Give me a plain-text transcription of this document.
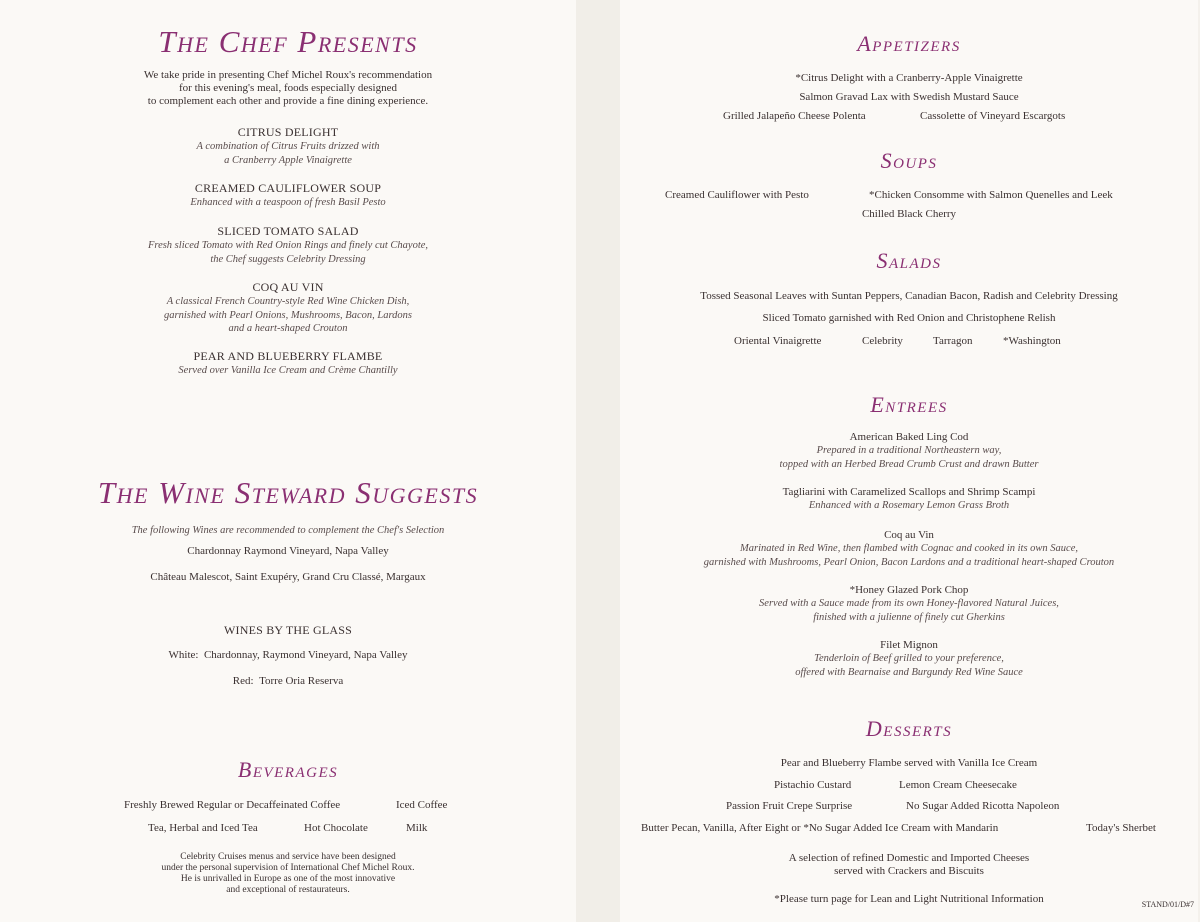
The Chef Presents
We take pride in presenting Chef Michel Roux's recommendation
for this evening's meal, foods especially designed
to complement each other and provide a fine dining experience.
CITRUS DELIGHT
A combination of Citrus Fruits drizzed with
a Cranberry Apple Vinaigrette
CREAMED CAULIFLOWER SOUP
Enhanced with a teaspoon of fresh Basil Pesto
SLICED TOMATO SALAD
Fresh sliced Tomato with Red Onion Rings and finely cut Chayote,
the Chef suggests Celebrity Dressing
COQ AU VIN
A classical French Country-style Red Wine Chicken Dish,
garnished with Pearl Onions, Mushrooms, Bacon, Lardons
and a heart-shaped Crouton
PEAR AND BLUEBERRY FLAMBE
Served over Vanilla Ice Cream and Crème Chantilly
The Wine Steward Suggests
The following Wines are recommended to complement the Chef's Selection
Chardonnay Raymond Vineyard, Napa Valley
Château Malescot, Saint Exupéry, Grand Cru Classé, Margaux
WINES BY THE GLASS
White: Chardonnay, Raymond Vineyard, Napa Valley
Red: Torre Oria Reserva
Beverages
Freshly Brewed Regular or Decaffeinated Coffee	Iced Coffee
Tea, Herbal and Iced Tea	Hot Chocolate	Milk
Celebrity Cruises menus and service have been designed
under the personal supervision of International Chef Michel Roux.
He is unrivalled in Europe as one of the most innovative
and exceptional of restaurateurs.
Appetizers
*Citrus Delight with a Cranberry-Apple Vinaigrette
Salmon Gravad Lax with Swedish Mustard Sauce
Grilled Jalapeño Cheese Polenta	Cassolette of Vineyard Escargots
Soups
Creamed Cauliflower with Pesto	*Chicken Consomme with Salmon Quenelles and Leek
Chilled Black Cherry
Salads
Tossed Seasonal Leaves with Suntan Peppers, Canadian Bacon, Radish and Celebrity Dressing
Sliced Tomato garnished with Red Onion and Christophene Relish
Oriental Vinaigrette	Celebrity	Tarragon	*Washington
Entrees
American Baked Ling Cod
Prepared in a traditional Northeastern way,
topped with an Herbed Bread Crumb Crust and drawn Butter
Tagliarini with Caramelized Scallops and Shrimp Scampi
Enhanced with a Rosemary Lemon Grass Broth
Coq au Vin
Marinated in Red Wine, then flambed with Cognac and cooked in its own Sauce,
garnished with Mushrooms, Pearl Onion, Bacon Lardons and a traditional heart-shaped Crouton
*Honey Glazed Pork Chop
Served with a Sauce made from its own Honey-flavored Natural Juices,
finished with a julienne of finely cut Gherkins
Filet Mignon
Tenderloin of Beef grilled to your preference,
offered with Bearnaise and Burgundy Red Wine Sauce
Desserts
Pear and Blueberry Flambe served with Vanilla Ice Cream
Pistachio Custard	Lemon Cream Cheesecake
Passion Fruit Crepe Surprise	No Sugar Added Ricotta Napoleon
Butter Pecan, Vanilla, After Eight or *No Sugar Added Ice Cream with Mandarin	Today's Sherbet
A selection of refined Domestic and Imported Cheeses
served with Crackers and Biscuits
*Please turn page for Lean and Light Nutritional Information	STAND/01/D#7
